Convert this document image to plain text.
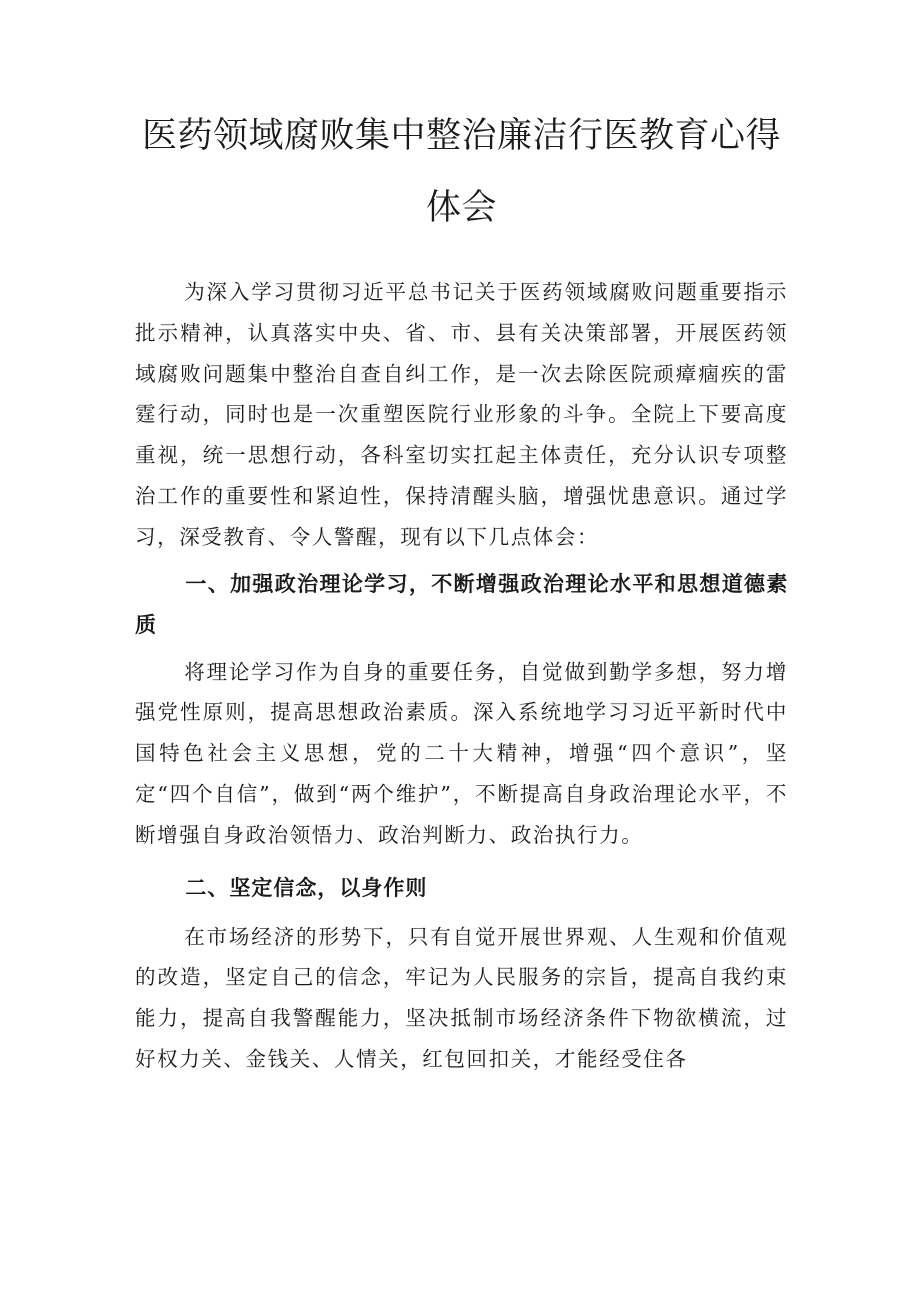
医药领域腐败集中整治廉洁行医教育心得
体会

为深入学习贯彻习近平总书记关于医药领域腐败问题重要指示批示精神，认真落实中央、省、市、县有关决策部署，开展医药领域腐败问题集中整治自查自纠工作，是一次去除医院顽瘴痼疾的雷霆行动，同时也是一次重塑医院行业形象的斗争。全院上下要高度重视，统一思想行动，各科室切实扛起主体责任，充分认识专项整治工作的重要性和紧迫性，保持清醒头脑，增强忧患意识。通过学习，深受教育、令人警醒，现有以下几点体会：

一、加强政治理论学习，不断增强政治理论水平和思想道德素质

将理论学习作为自身的重要任务，自觉做到勤学多想，努力增强党性原则，提高思想政治素质。深入系统地学习习近平新时代中国特色社会主义思想，党的二十大精神，增强“四个意识”，坚定“四个自信”，做到“两个维护”，不断提高自身政治理论水平，不断增强自身政治领悟力、政治判断力、政治执行力。

二、坚定信念，以身作则

在市场经济的形势下，只有自觉开展世界观、人生观和价值观的改造，坚定自己的信念，牢记为人民服务的宗旨，提高自我约束能力，提高自我警醒能力，坚决抵制市场经济条件下物欲横流，过好权力关、金钱关、人情关，红包回扣关，才能经受住各
